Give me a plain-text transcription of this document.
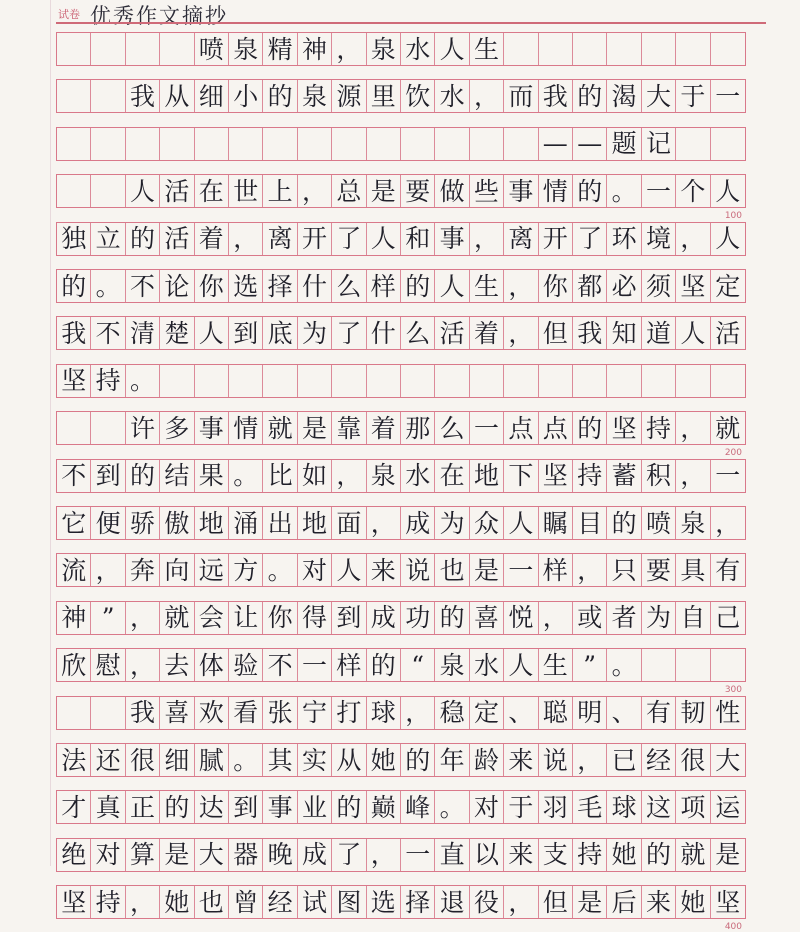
试卷 优秀作文摘抄
喷 泉 精 神 ， 泉 水 人 生
我 从 细 小 的 泉 源 里 饮 水 ， 而 我 的 渴 大 于 一
— — 题 记
人 活 在 世 上 ， 总 是 要 做 些 事 情 的 。 一 个 人
独 立 的 活 着 ， 离 开 了 人 和 事 ， 离 开 了 环 境 ， 人
的 。 不 论 你 选 择 什 么 样 的 人 生 ， 你 都 必 须 坚 定
我 不 清 楚 人 到 底 为 了 什 么 活 着 ， 但 我 知 道 人 活
坚 持 。
许 多 事 情 就 是 靠 着 那 么 一 点 点 的 坚 持 ， 就
不 到 的 结 果 。 比 如 ， 泉 水 在 地 下 坚 持 蓄 积 ， 一
它 便 骄 傲 地 涌 出 地 面 ， 成 为 众 人 瞩 目 的 喷 泉 ，
流 ， 奔 向 远 方 。 对 人 来 说 也 是 一 样 ， 只 要 具 有
神 ” ， 就 会 让 你 得 到 成 功 的 喜 悦 ， 或 者 为 自 己
欣 慰 ， 去 体 验 不 一 样 的 “ 泉 水 人 生 ” 。
我 喜 欢 看 张 宁 打 球 ， 稳 定 、 聪 明 、 有 韧 性
法 还 很 细 腻 。 其 实 从 她 的 年 龄 来 说 ， 已 经 很 大
才 真 正 的 达 到 事 业 的 巅 峰 。 对 于 羽 毛 球 这 项 运
绝 对 算 是 大 器 晚 成 了 ， 一 直 以 来 支 持 她 的 就 是
坚 持 ， 她 也 曾 经 试 图 选 择 退 役 ， 但 是 后 来 她 坚
100
200
300
400
